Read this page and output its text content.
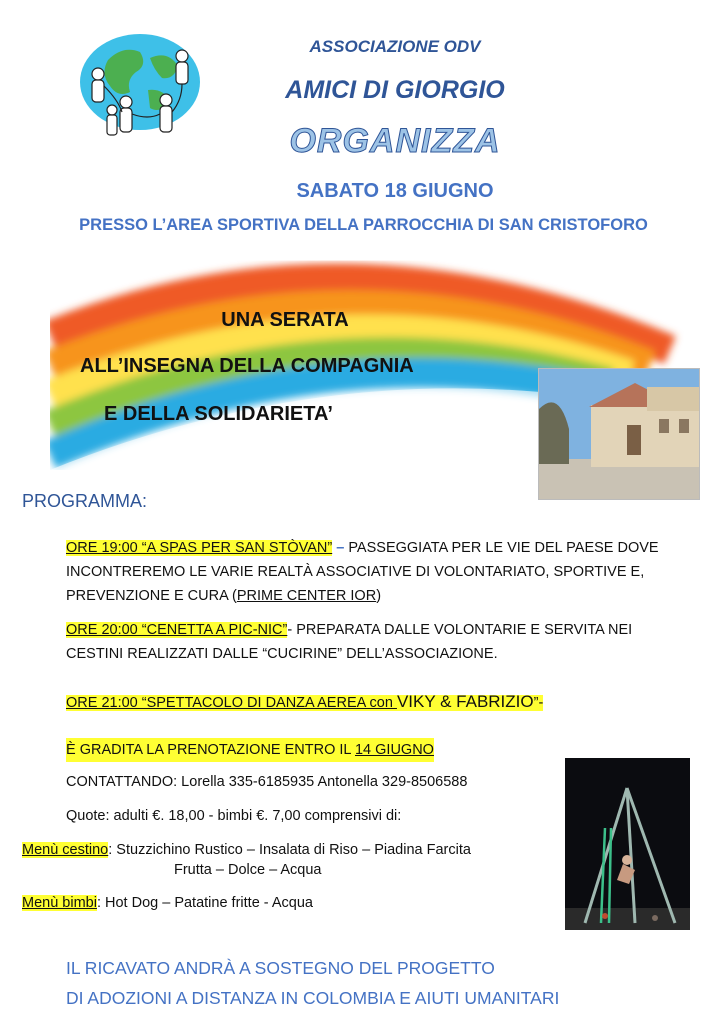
ASSOCIAZIONE ODV
AMICI DI GIORGIO
ORGANIZZA
SABATO 18 GIUGNO
PRESSO L’AREA SPORTIVA DELLA PARROCCHIA DI SAN CRISTOFORO
UNA SERATA
ALL’INSEGNA DELLA COMPAGNIA
E DELLA SOLIDARIETA’
PROGRAMMA:
ORE 19:00 “A SPAS PER SAN STÒVAN” – PASSEGGIATA PER LE VIE DEL PAESE DOVE
INCONTREREMO LE VARIE REALTÀ ASSOCIATIVE DI VOLONTARIATO, SPORTIVE E,
PREVENZIONE E CURA (PRIME CENTER IOR)
ORE 20:00 “CENETTA A PIC-NIC”- PREPARATA DALLE VOLONTARIE E SERVITA NEI
CESTINI REALIZZATI DALLE “CUCIRINE” DELL’ASSOCIAZIONE.
ORE 21:00 “SPETTACOLO DI DANZA AEREA con VIKY & FABRIZIO”-
È GRADITA LA PRENOTAZIONE ENTRO IL 14 GIUGNO
CONTATTANDO: Lorella 335-6185935 Antonella 329-8506588
Quote: adulti €. 18,00 - bimbi €. 7,00 comprensivi di:
Menù cestino: Stuzzichino Rustico – Insalata di Riso – Piadina Farcita
Frutta – Dolce – Acqua
Menù bimbi: Hot Dog – Patatine fritte - Acqua
IL RICAVATO ANDRÀ A SOSTEGNO DEL PROGETTO
DI ADOZIONI A DISTANZA IN COLOMBIA E AIUTI UMANITARI
